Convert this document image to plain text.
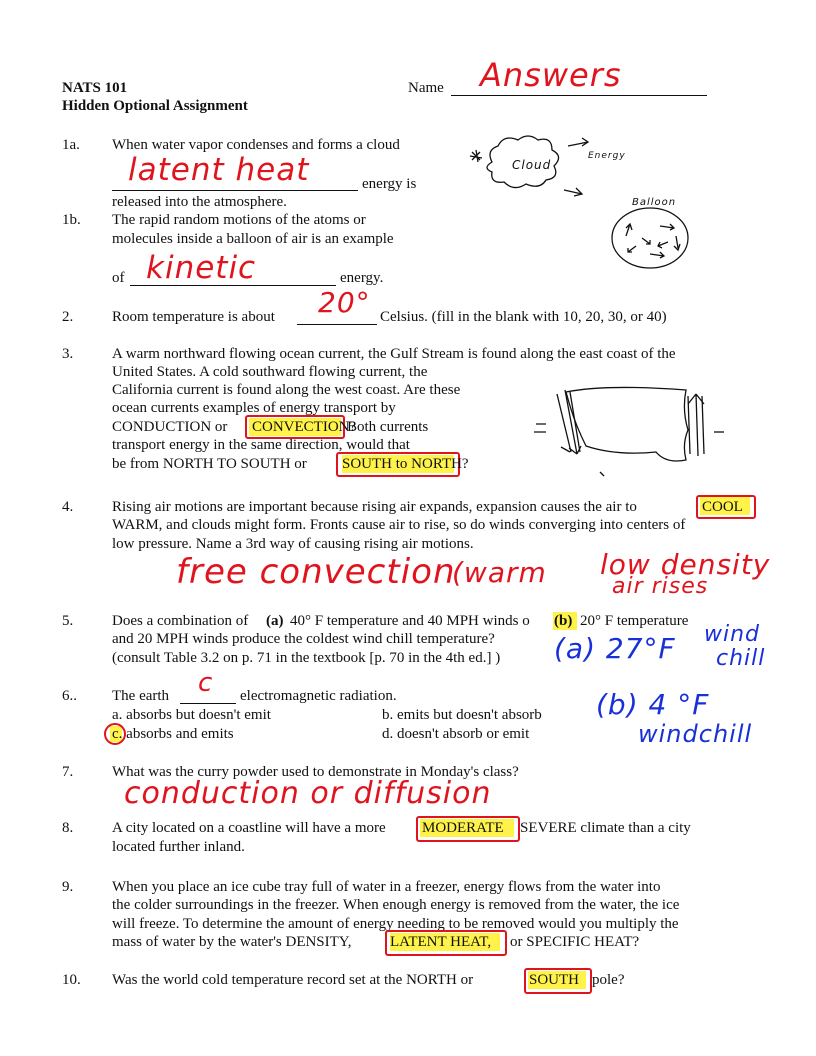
NATS 101
Hidden Optional Assignment
Name Answers
1a. When water vapor condenses and forms a cloud
latent heat	energy is
released into the atmosphere.
1b. The rapid random motions of the atoms or
molecules inside a balloon of air is an example
of kinetic	energy.
Cloud
Energy
Balloon
2.	Room temperature is about 20° Celsius. (fill in the blank with 10, 20, 30, or 40)
3.	A warm northward flowing ocean current, the Gulf Stream is found along the east coast of the
United States. A cold southward flowing current, the
California current is found along the west coast. Are these
ocean currents examples of energy transport by
CONDUCTION or CONVECTION?
Both currents
transport energy in the same direction, would that
be from NORTH TO SOUTH or SOUTH to NORTH?
4.	Rising air motions are important because rising air expands, expansion causes the air to	COOL
WARM, and clouds might form. Fronts cause air to rise, so do winds converging into centers of
low pressure. Name a 3rd way of causing rising air motions.
free convection
(warm low density
air rises
5.	Does a combination of (a) 40° F temperature and 40 MPH winds o (b) 20° F temperature
and 20 MPH winds produce the coldest wind chill temperature?
(consult Table 3.2 on p. 71 in the textbook [p. 70 in the 4th ed.] ) (a) 27°F wind
chill
6.. The earth c electromagnetic radiation.
a. absorbs but doesn't emit	b. emits but doesn't absorb
c. absorbs and emits	d. doesn't absorb or emit
(b) 4 °F
windchill
7.	What was the curry powder used to demonstrate in Monday's class?
conduction or diffusion
8.	A city located on a coastline will have a more MODERATE SEVERE climate than a city
located further inland.
9.	When you place an ice cube tray full of water in a freezer, energy flows from the water into
the colder surroundings in the freezer. When enough energy is removed from the water, the ice
will freeze. To determine the amount of energy needing to be removed would you multiply the
mass of water by the water's DENSITY,	LATENT HEAT, or SPECIFIC HEAT?
10. Was the world cold temperature record set at the NORTH or	SOUTH pole?
